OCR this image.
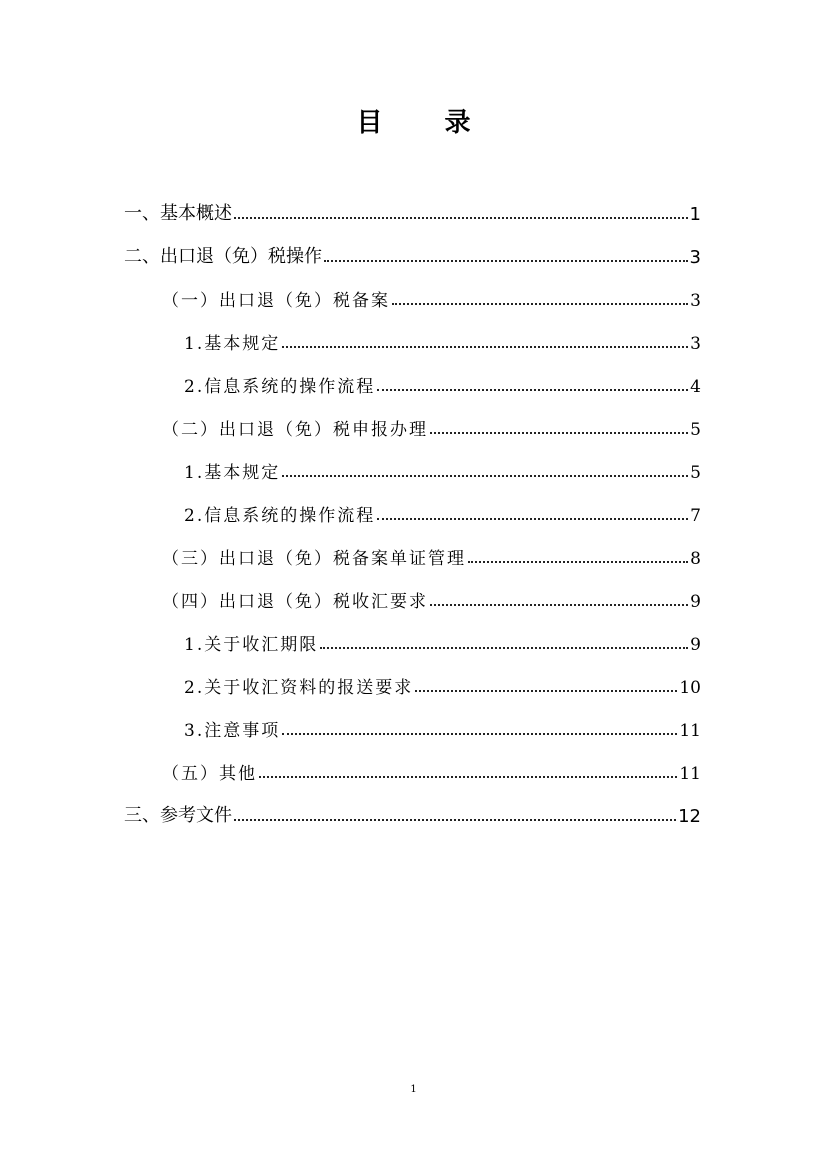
目　录
一、基本概述	1
二、出口退（免）税操作	3
（一）出口退（免）税备案	3
1.基本规定	3
2.信息系统的操作流程	4
（二）出口退（免）税申报办理	5
1.基本规定	5
2.信息系统的操作流程	7
（三）出口退（免）税备案单证管理	8
（四）出口退（免）税收汇要求	9
1.关于收汇期限	9
2.关于收汇资料的报送要求	10
3.注意事项	11
（五）其他	11
三、参考文件	12
1
